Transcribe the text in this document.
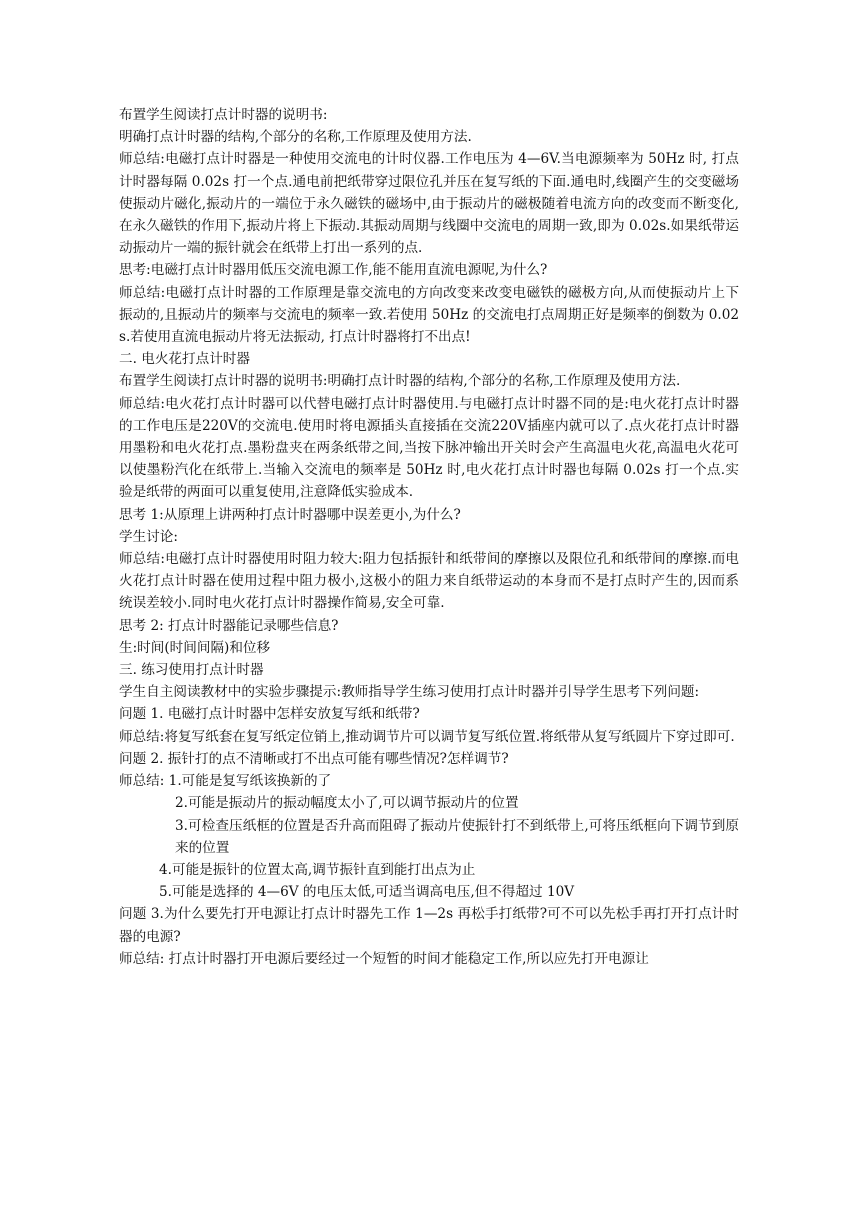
布置学生阅读打点计时器的说明书:

明确打点计时器的结构,个部分的名称,工作原理及使用方法.

师总结:电磁打点计时器是一种使用交流电的计时仪器.工作电压为 4—6V.当电源频率为 50Hz 时, 打点计时器每隔 0.02s 打一个点.通电前把纸带穿过限位孔并压在复写纸的下面.通电时,线圈产生的交变磁场使振动片磁化,振动片的一端位于永久磁铁的磁场中,由于振动片的磁极随着电流方向的改变而不断变化,在永久磁铁的作用下,振动片将上下振动.其振动周期与线圈中交流电的周期一致,即为 0.02s.如果纸带运动振动片一端的振针就会在纸带上打出一系列的点.

思考:电磁打点计时器用低压交流电源工作,能不能用直流电源呢,为什么?

师总结:电磁打点计时器的工作原理是靠交流电的方向改变来改变电磁铁的磁极方向,从而使振动片上下振动的,且振动片的频率与交流电的频率一致.若使用 50Hz 的交流电打点周期正好是频率的倒数为 0.02s.若使用直流电振动片将无法振动, 打点计时器将打不出点!

二. 电火花打点计时器

布置学生阅读打点计时器的说明书:明确打点计时器的结构,个部分的名称,工作原理及使用方法.

师总结:电火花打点计时器可以代替电磁打点计时器使用.与电磁打点计时器不同的是:电火花打点计时器的工作电压是220V的交流电.使用时将电源插头直接插在交流220V插座内就可以了.点火花打点计时器用墨粉和电火花打点.墨粉盘夹在两条纸带之间,当按下脉冲输出开关时会产生高温电火花,高温电火花可以使墨粉汽化在纸带上.当输入交流电的频率是 50Hz 时,电火花打点计时器也每隔 0.02s 打一个点.实验是纸带的两面可以重复使用,注意降低实验成本.

思考 1:从原理上讲两种打点计时器哪中误差更小,为什么?

学生讨论:

师总结:电磁打点计时器使用时阻力较大:阻力包括振针和纸带间的摩擦以及限位孔和纸带间的摩擦.而电火花打点计时器在使用过程中阻力极小,这极小的阻力来自纸带运动的本身而不是打点时产生的,因而系统误差较小.同时电火花打点计时器操作简易,安全可靠.

思考 2: 打点计时器能记录哪些信息?

生:时间(时间间隔)和位移

三. 练习使用打点计时器

学生自主阅读教材中的实验步骤提示:教师指导学生练习使用打点计时器并引导学生思考下列问题:

问题 1. 电磁打点计时器中怎样安放复写纸和纸带?

师总结:将复写纸套在复写纸定位销上,推动调节片可以调节复写纸位置.将纸带从复写纸圆片下穿过即可.

问题 2. 振针打的点不清晰或打不出点可能有哪些情况?怎样调节?

师总结: 1.可能是复写纸该换新的了

2.可能是振动片的振动幅度太小了,可以调节振动片的位置

3.可检查压纸框的位置是否升高而阻碍了振动片使振针打不到纸带上,可将压纸框向下调节到原来的位置

4.可能是振针的位置太高,调节振针直到能打出点为止

5.可能是选择的 4—6V 的电压太低,可适当调高电压,但不得超过 10V

问题 3.为什么要先打开电源让打点计时器先工作 1—2s 再松手打纸带?可不可以先松手再打开打点计时器的电源?

师总结: 打点计时器打开电源后要经过一个短暂的时间才能稳定工作,所以应先打开电源让
